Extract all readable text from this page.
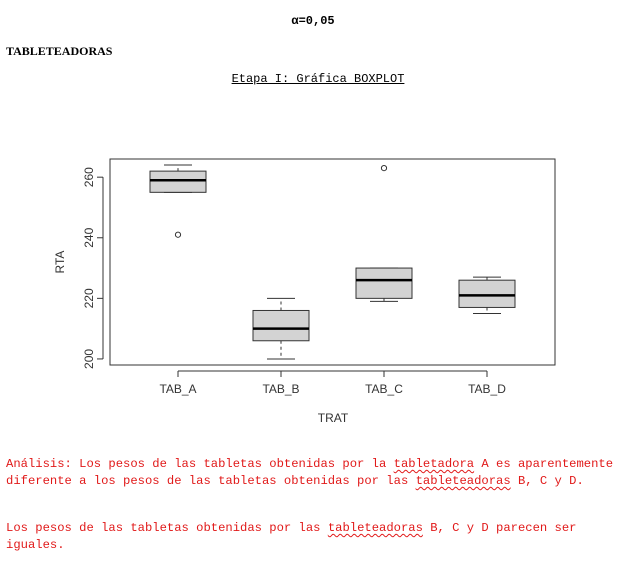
α=0,05
TABLETEADORAS
Etapa I: Gráfica BOXPLOT
200
220
240
260
TAB_A	TAB_B	TAB_C	TAB_D
TRAT
RTA

Análisis: Los pesos de las tabletas obtenidas por la tabletadora A es aparentemente diferente a los pesos de las tabletas obtenidas por las tableteadoras B, C y D.

Los pesos de las tabletas obtenidas por las tableteadoras B, C y D parecen ser iguales.
